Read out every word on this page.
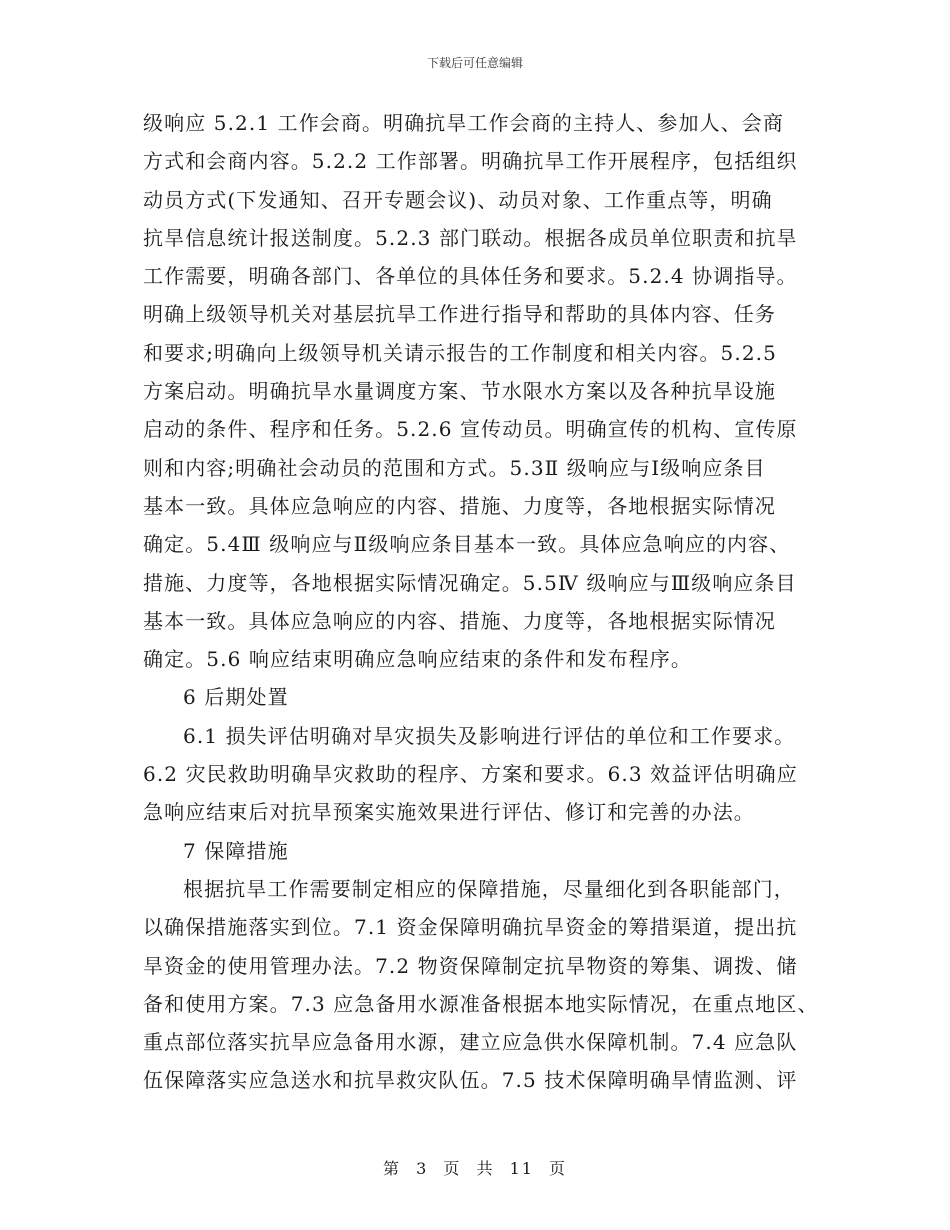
下载后可任意编辑
级响应 5.2.1 工作会商。明确抗旱工作会商的主持人、参加人、会商
方式和会商内容。5.2.2 工作部署。明确抗旱工作开展程序，包括组织
动员方式(下发通知、召开专题会议)、动员对象、工作重点等，明确
抗旱信息统计报送制度。5.2.3 部门联动。根据各成员单位职责和抗旱
工作需要，明确各部门、各单位的具体任务和要求。5.2.4 协调指导。
明确上级领导机关对基层抗旱工作进行指导和帮助的具体内容、任务
和要求;明确向上级领导机关请示报告的工作制度和相关内容。5.2.5
方案启动。明确抗旱水量调度方案、节水限水方案以及各种抗旱设施
启动的条件、程序和任务。5.2.6 宣传动员。明确宣传的机构、宣传原
则和内容;明确社会动员的范围和方式。5.3Ⅱ 级响应与Ⅰ级响应条目
基本一致。具体应急响应的内容、措施、力度等，各地根据实际情况
确定。5.4Ⅲ 级响应与Ⅱ级响应条目基本一致。具体应急响应的内容、
措施、力度等，各地根据实际情况确定。5.5Ⅳ 级响应与Ⅲ级响应条目
基本一致。具体应急响应的内容、措施、力度等，各地根据实际情况
确定。5.6 响应结束明确应急响应结束的条件和发布程序。
6 后期处置
6.1 损失评估明确对旱灾损失及影响进行评估的单位和工作要求。
6.2 灾民救助明确旱灾救助的程序、方案和要求。6.3 效益评估明确应
急响应结束后对抗旱预案实施效果进行评估、修订和完善的办法。
7 保障措施
根据抗旱工作需要制定相应的保障措施，尽量细化到各职能部门，
以确保措施落实到位。7.1 资金保障明确抗旱资金的筹措渠道，提出抗
旱资金的使用管理办法。7.2 物资保障制定抗旱物资的筹集、调拨、储
备和使用方案。7.3 应急备用水源准备根据本地实际情况，在重点地区、
重点部位落实抗旱应急备用水源，建立应急供水保障机制。7.4 应急队
伍保障落实应急送水和抗旱救灾队伍。7.5 技术保障明确旱情监测、评
第 3 页 共 11 页
